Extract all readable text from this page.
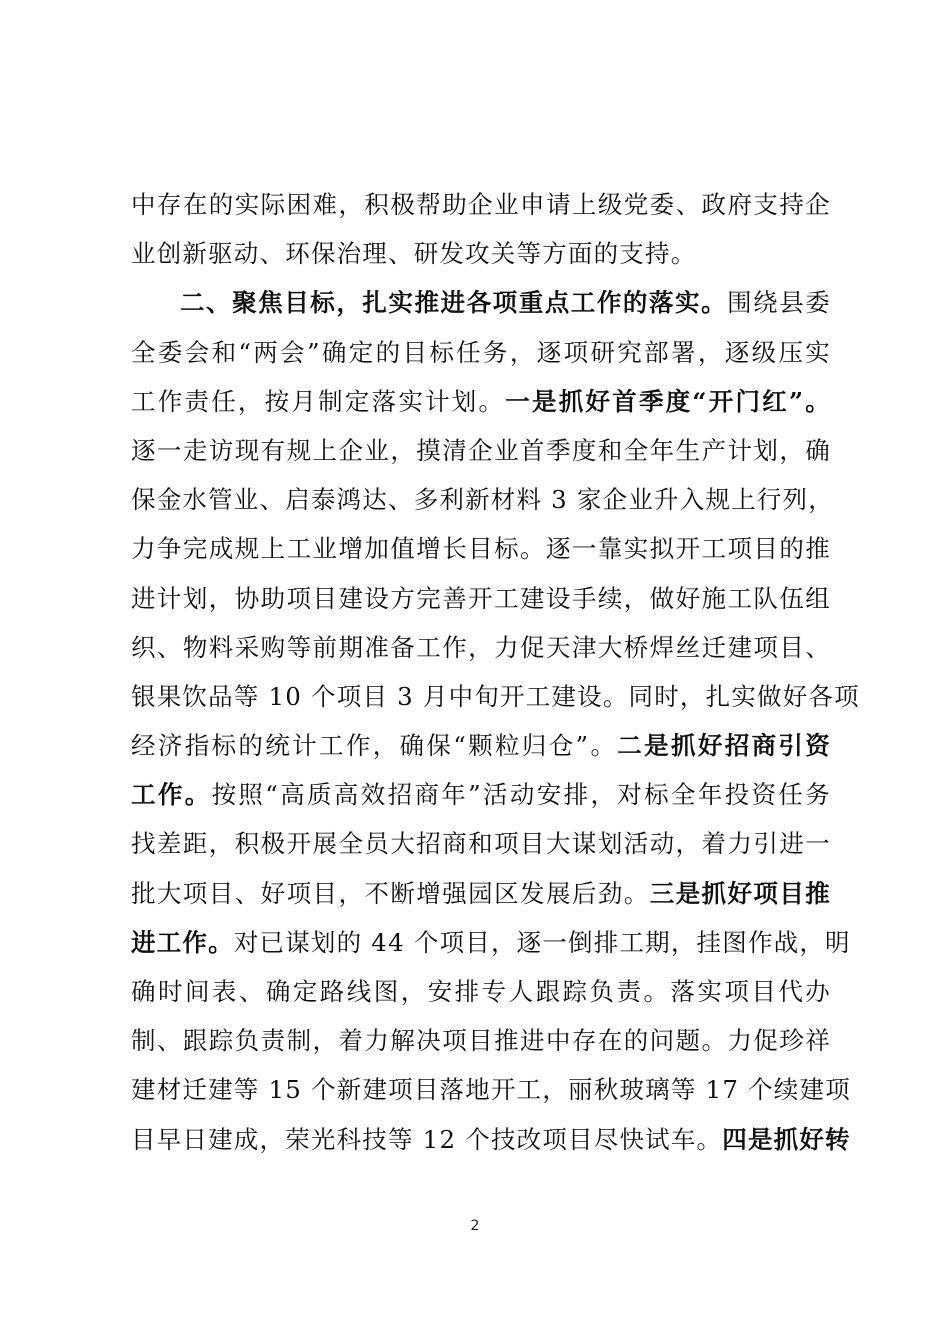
中存在的实际困难，积极帮助企业申请上级党委、政府支持企
业创新驱动、环保治理、研发攻关等方面的支持。
二、聚焦目标，扎实推进各项重点工作的落实。围绕县委
全委会和“两会”确定的目标任务，逐项研究部署，逐级压实
工作责任，按月制定落实计划。一是抓好首季度“开门红”。
逐一走访现有规上企业，摸清企业首季度和全年生产计划，确
保金水管业、启泰鸿达、多利新材料 3 家企业升入规上行列，
力争完成规上工业增加值增长目标。逐一靠实拟开工项目的推
进计划，协助项目建设方完善开工建设手续，做好施工队伍组
织、物料采购等前期准备工作，力促天津大桥焊丝迁建项目、
银果饮品等 10 个项目 3 月中旬开工建设。同时，扎实做好各项
经济指标的统计工作，确保“颗粒归仓”。二是抓好招商引资
工作。按照“高质高效招商年”活动安排，对标全年投资任务
找差距，积极开展全员大招商和项目大谋划活动，着力引进一
批大项目、好项目，不断增强园区发展后劲。三是抓好项目推
进工作。对已谋划的 44 个项目，逐一倒排工期，挂图作战，明
确时间表、确定路线图，安排专人跟踪负责。落实项目代办
制、跟踪负责制，着力解决项目推进中存在的问题。力促珍祥
建材迁建等 15 个新建项目落地开工，丽秋玻璃等 17 个续建项
目早日建成，荣光科技等 12 个技改项目尽快试车。四是抓好转
2
